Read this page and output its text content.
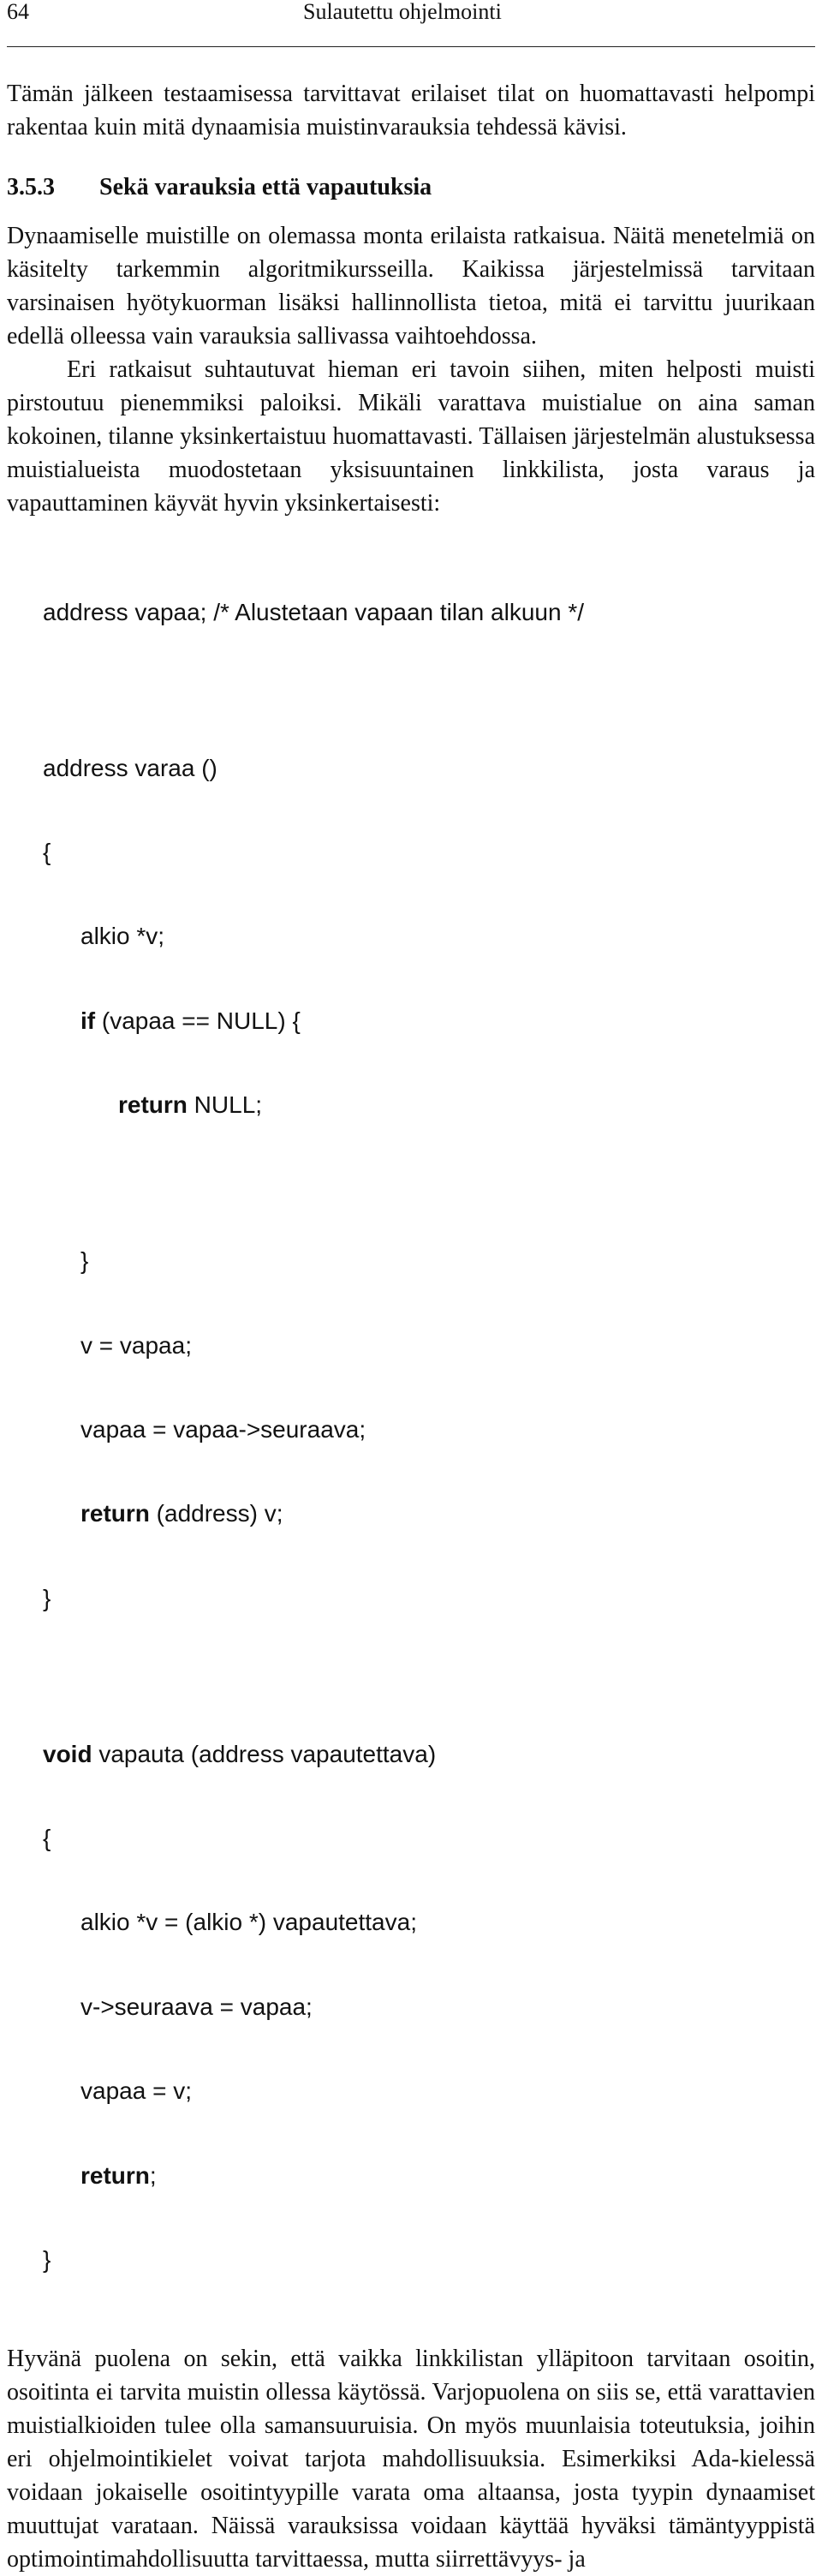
64	Sulautettu ohjelmointi

Tämän jälkeen testaamisessa tarvittavat erilaiset tilat on huomattavasti helpompi rakentaa kuin mitä dynaamisia muistinvarauksia tehdessä kävisi.

3.5.3	Sekä varauksia että vapautuksia

Dynaamiselle muistille on olemassa monta erilaista ratkaisua. Näitä menetelmiä on käsitelty tarkemmin algoritmikursseilla. Kaikissa järjestelmissä tarvitaan varsinaisen hyötykuorman lisäksi hallinnollista tietoa, mitä ei tarvittu juurikaan edellä olleessa vain varauksia sallivassa vaihtoehdossa.

Eri ratkaisut suhtautuvat hieman eri tavoin siihen, miten helposti muisti pirstoutuu pienemmiksi paloiksi. Mikäli varattava muistialue on aina saman kokoinen, tilanne yksinkertaistuu huomattavasti. Tällaisen järjestelmän alustuksessa muistialueista muodostetaan yksisuuntainen linkkilista, josta varaus ja vapauttaminen käyvät hyvin yksinkertaisesti:

address vapaa; /* Alustetaan vapaan tilan alkuun */

address varaa ()

{

alkio *v;

if (vapaa == NULL) {

return NULL;

}

v = vapaa;

vapaa = vapaa->seuraava;

return (address) v;

}

void vapauta (address vapautettava)

{

alkio *v = (alkio *) vapautettava;

v->seuraava = vapaa;

vapaa = v;

return;

}

Hyvänä puolena on sekin, että vaikka linkkilistan ylläpitoon tarvitaan osoitin, osoitinta ei tarvita muistin ollessa käytössä. Varjopuolena on siis se, että varattavien muistialkioiden tulee olla samansuuruisia. On myös muunlaisia toteutuksia, joihin eri ohjelmointikielet voivat tarjota mahdollisuuksia. Esimerkiksi Ada-kielessä voidaan jokaiselle osoitintyypille varata oma altaansa, josta tyypin dynaamiset muuttujat varataan. Näissä varauksissa voidaan käyttää hyväksi tämäntyyppistä optimointimahdollisuutta tarvittaessa, mutta siirrettävyys- ja
